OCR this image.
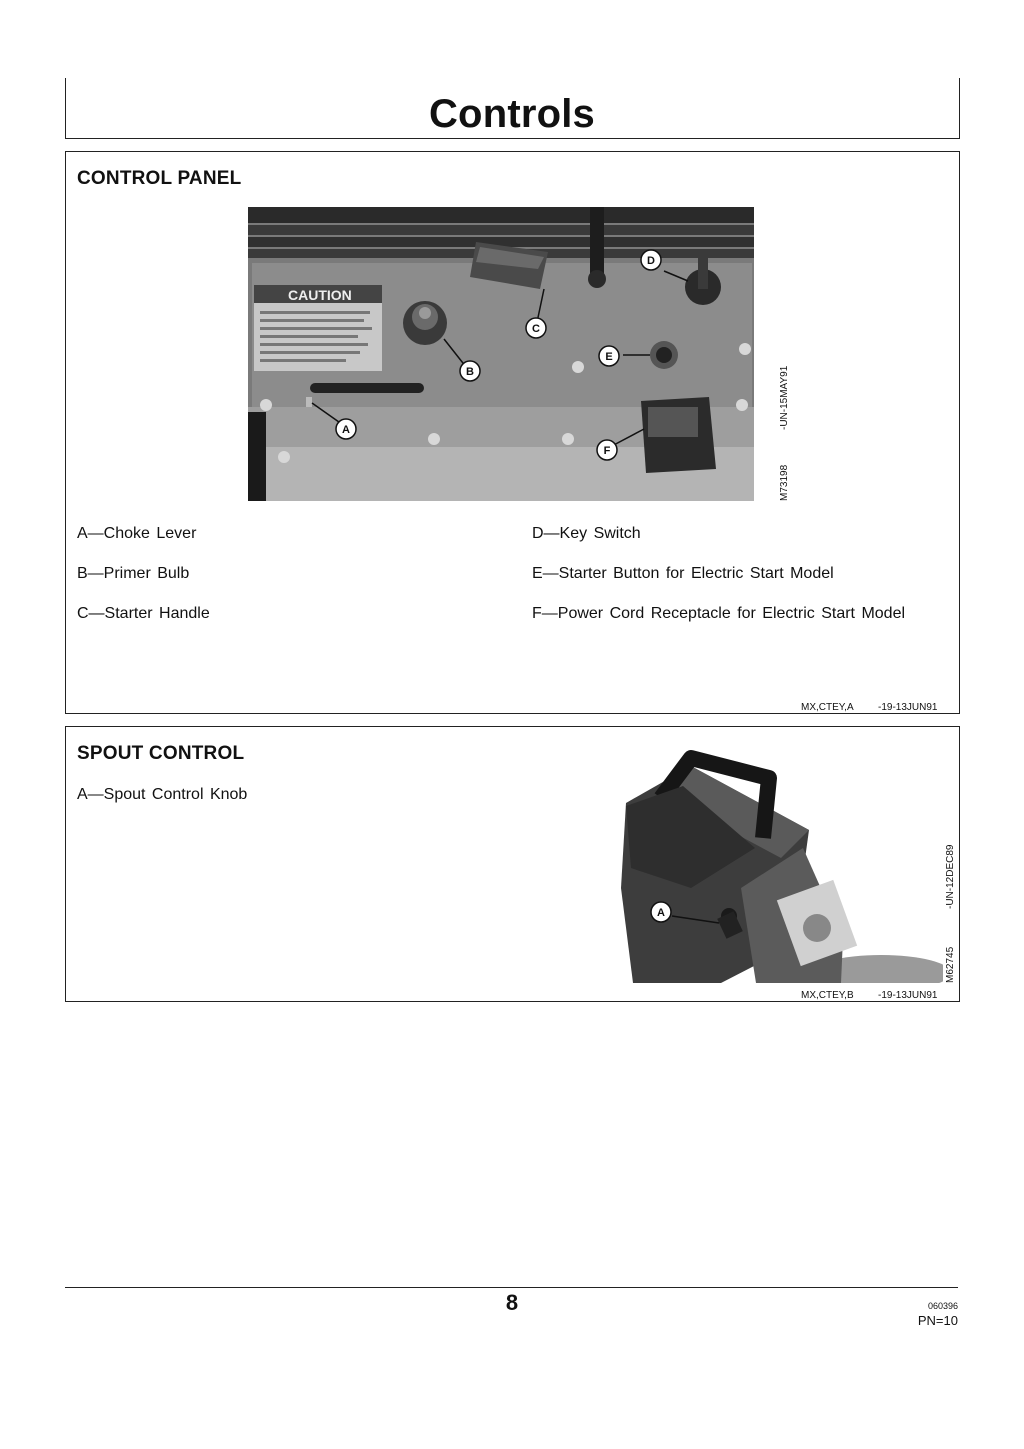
Controls
CONTROL PANEL
CAUTION
A
B
C
D
E
F
-UN-15MAY91
M73198
A—Choke Lever
B—Primer Bulb
C—Starter Handle
D—Key Switch
E—Starter Button for Electric Start Model
F—Power Cord Receptacle for Electric Start Model
MX,CTEY,A -19-13JUN91
SPOUT CONTROL
A—Spout Control Knob
A
-UN-12DEC89
M62745
MX,CTEY,B -19-13JUN91
8	060396
PN=10
